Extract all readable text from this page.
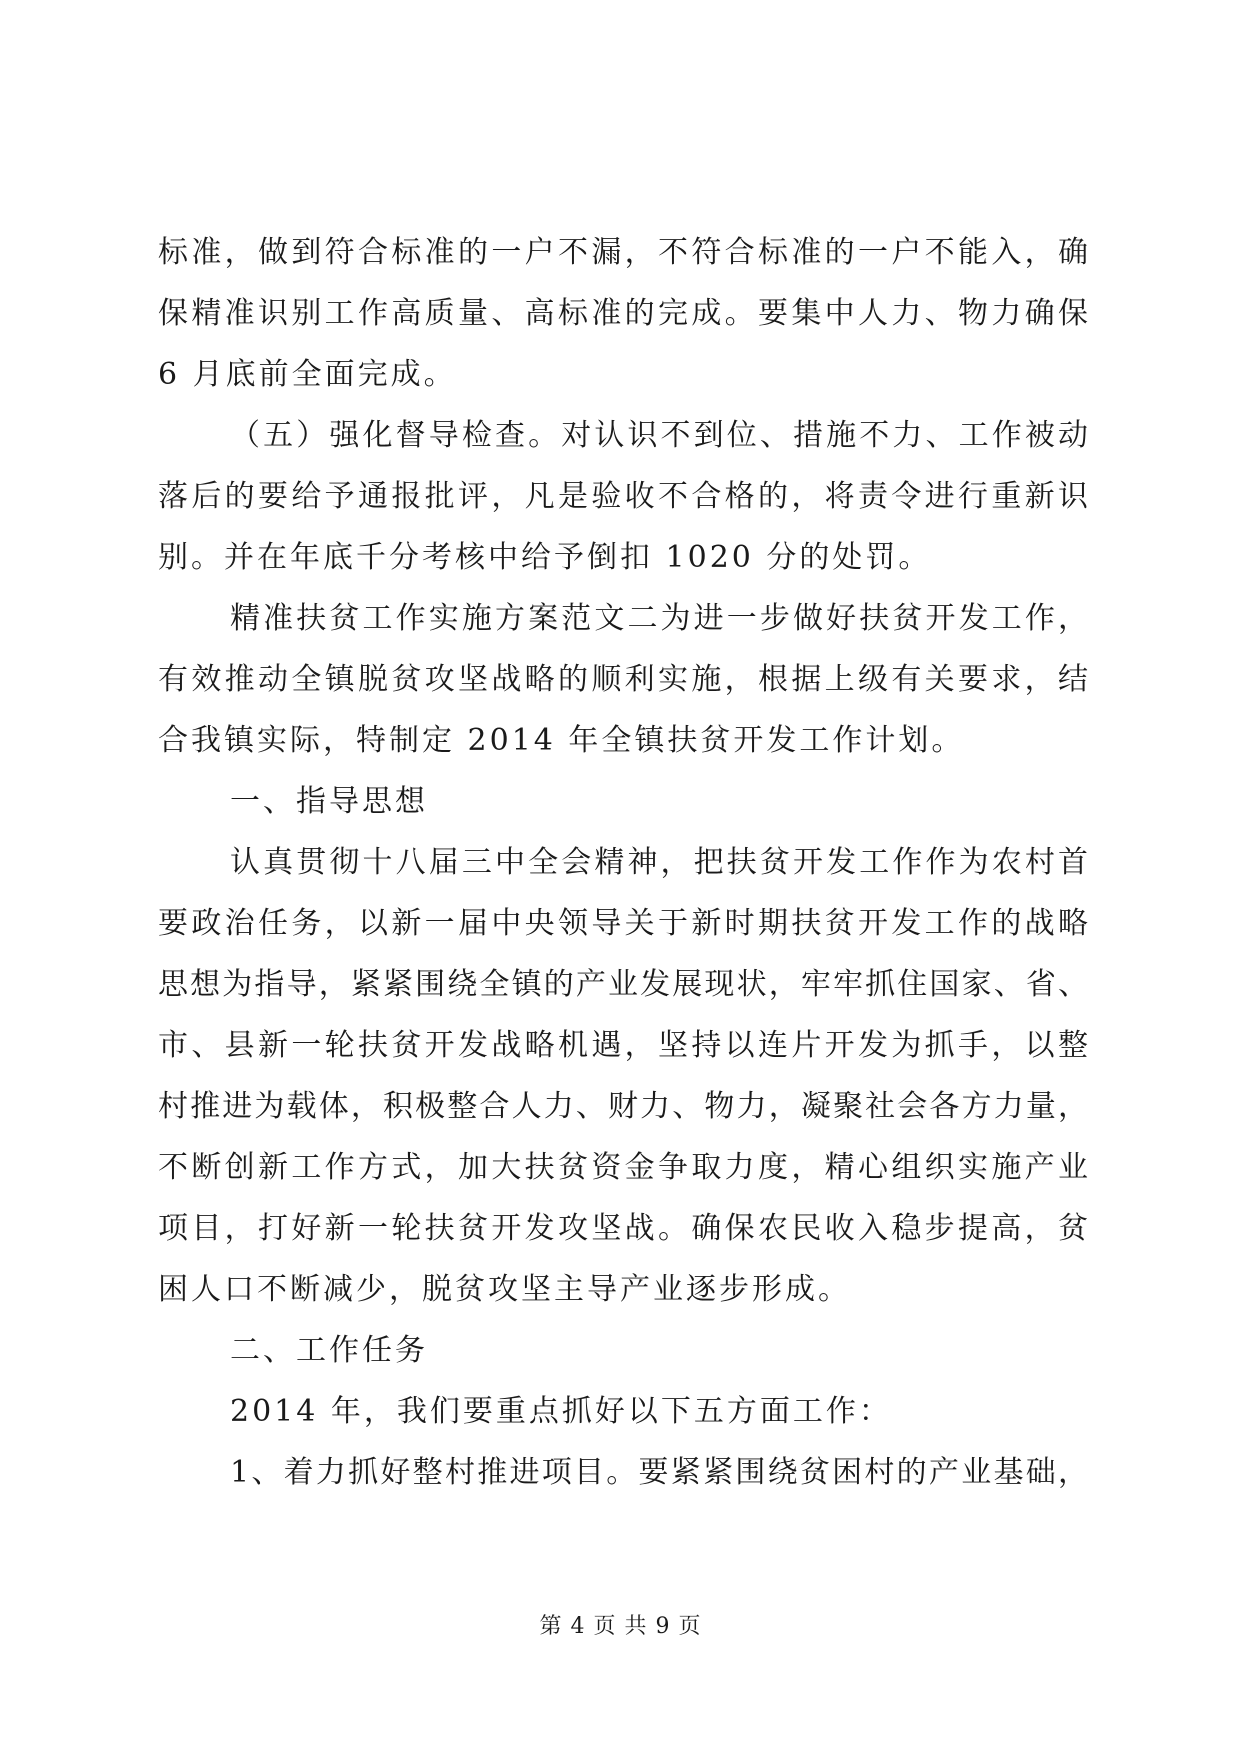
标准，做到符合标准的一户不漏，不符合标准的一户不能入，确
保精准识别工作高质量、高标准的完成。要集中人力、物力确保
6 月底前全面完成。
（五）强化督导检查。对认识不到位、措施不力、工作被动
落后的要给予通报批评，凡是验收不合格的，将责令进行重新识
别。并在年底千分考核中给予倒扣 1020 分的处罚。
精准扶贫工作实施方案范文二为进一步做好扶贫开发工作，
有效推动全镇脱贫攻坚战略的顺利实施，根据上级有关要求，结
合我镇实际，特制定 2014 年全镇扶贫开发工作计划。
一、指导思想
认真贯彻十八届三中全会精神，把扶贫开发工作作为农村首
要政治任务，以新一届中央领导关于新时期扶贫开发工作的战略
思想为指导，紧紧围绕全镇的产业发展现状，牢牢抓住国家、省、
市、县新一轮扶贫开发战略机遇，坚持以连片开发为抓手，以整
村推进为载体，积极整合人力、财力、物力，凝聚社会各方力量，
不断创新工作方式，加大扶贫资金争取力度，精心组织实施产业
项目，打好新一轮扶贫开发攻坚战。确保农民收入稳步提高，贫
困人口不断减少，脱贫攻坚主导产业逐步形成。
二、工作任务
2014 年，我们要重点抓好以下五方面工作：
1、着力抓好整村推进项目。要紧紧围绕贫困村的产业基础，
第 4 页 共 9 页
